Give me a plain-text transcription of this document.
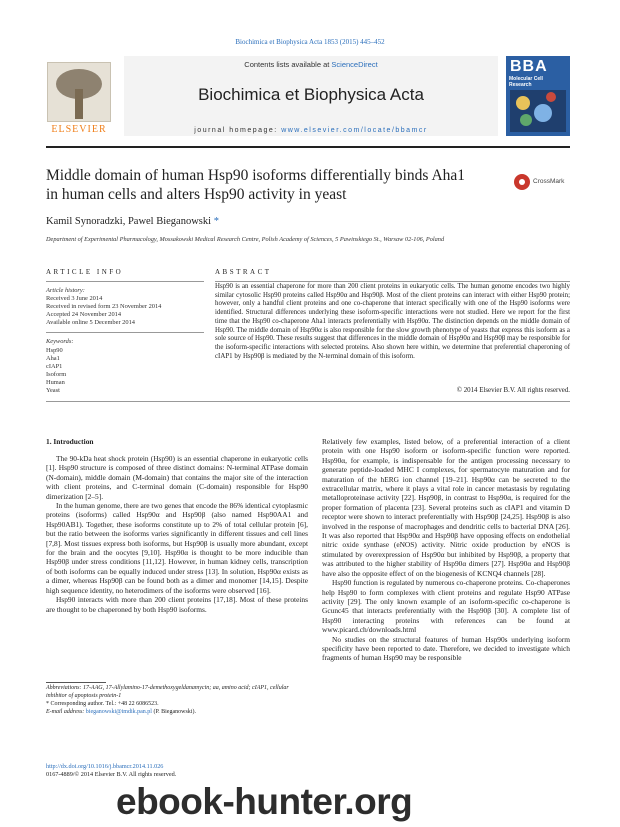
Biochimica et Biophysica Acta 1853 (2015) 445–452
ELSEVIER
Contents lists available at ScienceDirect
Biochimica et Biophysica Acta
journal homepage: www.elsevier.com/locate/bbamcr
BBA
Molecular Cell
Research
Middle domain of human Hsp90 isoforms differentially binds Aha1 in human cells and alters Hsp90 activity in yeast
CrossMark
Kamil Synoradzki, Pawel Bieganowski *
Department of Experimental Pharmacology, Mossakowski Medical Research Centre, Polish Academy of Sciences, 5 Pawinskiego St., Warsaw 02-106, Poland
ARTICLE INFO	ABSTRACT
Article history:
Received 3 June 2014
Received in revised form 23 November 2014
Accepted 24 November 2014
Available online 5 December 2014
Keywords:
Hsp90
Aha1
cIAP1
Isoform
Human
Yeast
Hsp90 is an essential chaperone for more than 200 client proteins in eukaryotic cells. The human genome encodes two highly similar cytosolic Hsp90 proteins called Hsp90α and Hsp90β. Most of the client proteins can interact with either Hsp90 protein; however, only a handful client proteins and one co-chaperone that interact specifically with one of the Hsp90 isoforms were identified. Structural differences underlying these isoform-specific interactions were not studied. Here we report for the first time that the Hsp90 co-chaperone Aha1 interacts preferentially with Hsp90α. The distinction depends on the middle domain of Hsp90. The middle domain of Hsp90α is also responsible for the slow growth phenotype of yeasts that express this isoform as a sole source of Hsp90. These results suggest that differences in the middle domain of Hsp90α and Hsp90β may be responsible for the isoform-specific interactions with selected proteins. Also shown here within, we determine that preferential chaperoning of cIAP1 by Hsp90β is mediated by the N-terminal domain of this isoform.
© 2014 Elsevier B.V. All rights reserved.
1. Introduction

The 90-kDa heat shock protein (Hsp90) is an essential chaperone in eukaryotic cells [1]. Hsp90 structure is composed of three distinct domains: N-terminal ATPase domain (N-domain), middle domain (M-domain) that contains the major site of the interaction with client proteins, and C-terminal domain (C-domain) responsible for Hsp90 dimerization [2–5].

In the human genome, there are two genes that encode the 86% identical cytoplasmic proteins (isoforms) called Hsp90α and Hsp90β (also named Hsp90AA1 and Hsp90AB1). Together, these isoforms constitute up to 2% of total cellular protein [6], but the ratio between the isoforms varies significantly in different tissues and cell lines [7,8]. Most tissues express both isoforms, but Hsp90β is usually more abundant, except for the brain and the oocytes [9,10]. Hsp90α is thought to be more inducible than Hsp90β under stress conditions [11,12]. However, in human kidney cells, transcription of both isoforms can be equally induced under stress [13]. In solution, Hsp90α exists as a dimer, whereas Hsp90β can be found both as a dimer and monomer [14,15]. Despite high sequence identity, no heterodimers of the isoforms were observed [16].

Hsp90 interacts with more than 200 client proteins [17,18]. Most of these proteins are thought to be chaperoned by both Hsp90 isoforms.

Abbreviations: 17-AAG, 17-Allylamino-17-demethoxygeldanamycin; aa, amino acid; cIAP1, cellular inhibitor of apoptosis protein-1
* Corresponding author. Tel.: +48 22 6086523.
E-mail address: bieganowski@imdik.pan.pl (P. Bieganowski).

Relatively few examples, listed below, of a preferential interaction of a client protein with one Hsp90 isoform or isoform-specific function were reported. Hsp90α, for example, is indispensable for the antigen processing necessary to generate peptide-loaded MHC I complexes, for spermatocyte maturation and for maturation of the hERG ion channel [19–21]. Hsp90α can be secreted to the extracellular matrix, where it plays a vital role in cancer metastasis by regulating metalloproteinase activity [22]. Hsp90β, in contrast to Hsp90α, is required for the proper formation of placenta [23]. Several proteins such as cIAP1 and vitamin D receptor were shown to interact preferentially with Hsp90β [24,25]. Hsp90β is also involved in the response of macrophages and dendritic cells to bacterial DNA [26]. It was also reported that Hsp90α and Hsp90β have opposing effects on endothelial nitric oxide synthase (eNOS) activity. Nitric oxide production by eNOS is stimulated by overexpression of Hsp90α but inhibited by Hsp90β, a property that was attributed to the higher stability of Hsp90α dimers [27]. Hsp90α and Hsp90β have also the opposite effect of on the biogenesis of KCNQ4 channels [28].

Hsp90 function is regulated by numerous co-chaperone proteins. Co-chaperones help Hsp90 to form complexes with client proteins and regulate Hsp90 ATPase activity [29]. The only known example of an isoform-specific co-chaperone is Gcunc45 that interacts preferentially with the Hsp90β [30]. A complete list of Hsp90 interacting proteins with references can be found at www.picard.ch/downloads.html

No studies on the structural features of human Hsp90s underlying isoform specificity have been reported to date. Therefore, we decided to investigate which fragments of human Hsp90 may be responsible

http://dx.doi.org/10.1016/j.bbamcr.2014.11.026
0167-4889/© 2014 Elsevier B.V. All rights reserved.
ebook-hunter.org
